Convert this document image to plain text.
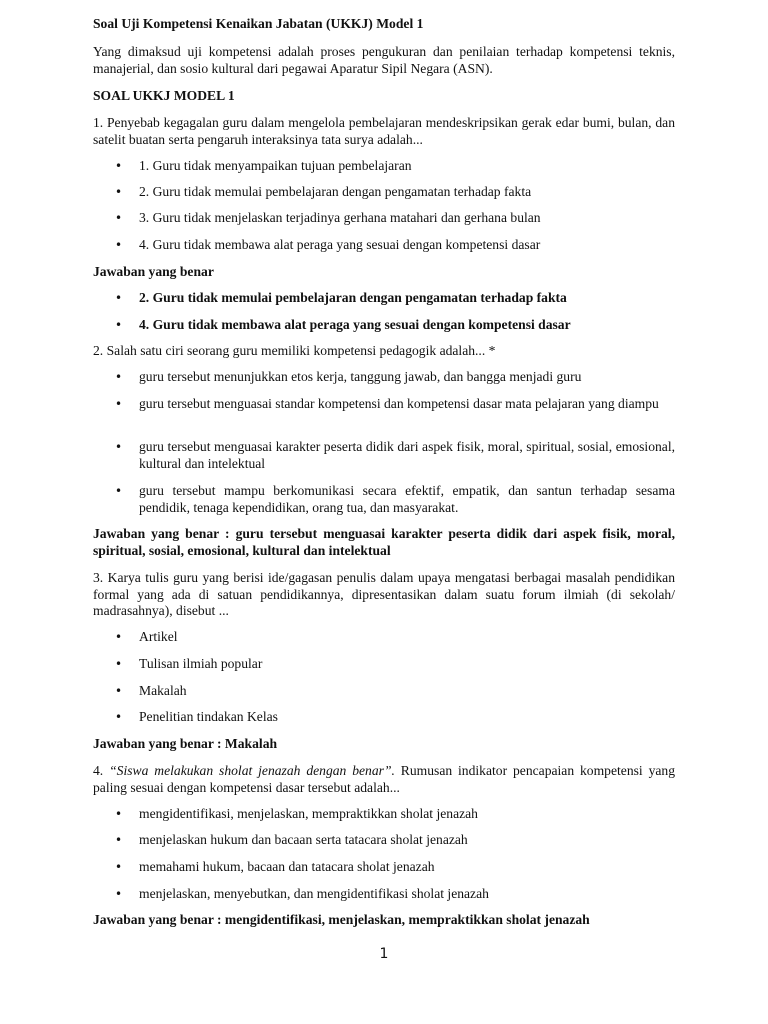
Soal Uji Kompetensi Kenaikan Jabatan (UKKJ) Model 1

Yang dimaksud uji kompetensi adalah proses pengukuran dan penilaian terhadap kompetensi teknis, manajerial, dan sosio kultural dari pegawai Aparatur Sipil Negara (ASN).

SOAL UKKJ MODEL 1

1. Penyebab kegagalan guru dalam mengelola pembelajaran mendeskripsikan gerak edar bumi, bulan, dan satelit buatan serta pengaruh interaksinya tata surya adalah...

• 1. Guru tidak menyampaikan tujuan pembelajaran
• 2. Guru tidak memulai pembelajaran dengan pengamatan terhadap fakta
• 3. Guru tidak menjelaskan terjadinya gerhana matahari dan gerhana bulan
• 4. Guru tidak membawa alat peraga yang sesuai dengan kompetensi dasar

Jawaban yang benar

• 2. Guru tidak memulai pembelajaran dengan pengamatan terhadap fakta
• 4. Guru tidak membawa alat peraga yang sesuai dengan kompetensi dasar

2. Salah satu ciri seorang guru memiliki kompetensi pedagogik adalah... *

• guru tersebut menunjukkan etos kerja, tanggung jawab, dan bangga menjadi guru
• guru tersebut menguasai standar kompetensi dan kompetensi dasar mata pelajaran yang diampu
• guru tersebut menguasai karakter peserta didik dari aspek fisik, moral, spiritual, sosial, emosional, kultural dan intelektual
• guru tersebut mampu berkomunikasi secara efektif, empatik, dan santun terhadap sesama pendidik, tenaga kependidikan, orang tua, dan masyarakat.

Jawaban yang benar : guru tersebut menguasai karakter peserta didik dari aspek fisik, moral, spiritual, sosial, emosional, kultural dan intelektual

3. Karya tulis guru yang berisi ide/gagasan penulis dalam upaya mengatasi berbagai masalah pendidikan formal yang ada di satuan pendidikannya, dipresentasikan dalam suatu forum ilmiah (di sekolah/ madrasahnya), disebut ...

• Artikel
• Tulisan ilmiah popular
• Makalah
• Penelitian tindakan Kelas

Jawaban yang benar : Makalah

4. “Siswa melakukan sholat jenazah dengan benar”. Rumusan indikator pencapaian kompetensi yang paling sesuai dengan kompetensi dasar tersebut adalah...

• mengidentifikasi, menjelaskan, mempraktikkan sholat jenazah
• menjelaskan hukum dan bacaan serta tatacara sholat jenazah
• memahami hukum, bacaan dan tatacara sholat jenazah
• menjelaskan, menyebutkan, dan mengidentifikasi sholat jenazah

Jawaban yang benar : mengidentifikasi, menjelaskan, mempraktikkan sholat jenazah

1
